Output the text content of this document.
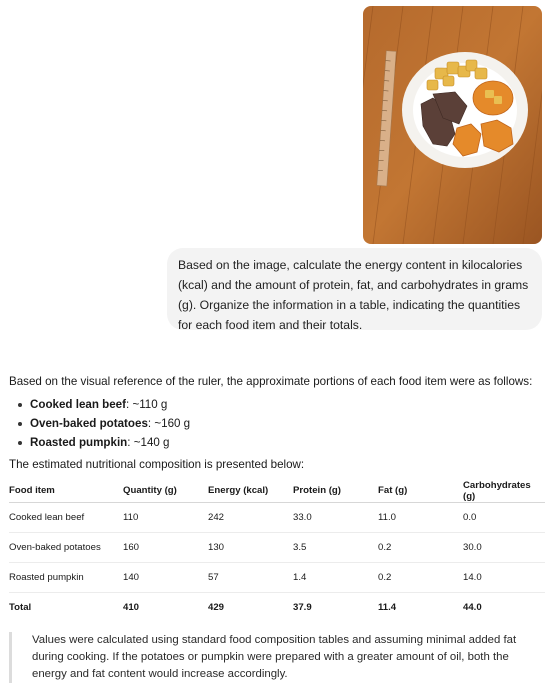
Based on the image, calculate the energy content in kilocalories (kcal) and the amount of protein, fat, and carbohydrates in grams (g). Organize the information in a table, indicating the quantities for each food item and their totals.

Based on the visual reference of the ruler, the approximate portions of each food item were as follows:

Cooked lean beef: ~110 g
Oven-baked potatoes: ~160 g
Roasted pumpkin: ~140 g

The estimated nutritional composition is presented below:

Food item	Quantity (g)	Energy (kcal)	Protein (g)	Fat (g)	Carbohydrates (g)
Cooked lean beef	110	242	33.0	11.0	0.0
Oven-baked potatoes	160	130	3.5	0.2	30.0
Roasted pumpkin	140	57	1.4	0.2	14.0
Total	410	429	37.9	11.4	44.0
Values were calculated using standard food composition tables and assuming minimal added fat during cooking. If the potatoes or pumpkin were prepared with a greater amount of oil, both the energy and fat content would increase accordingly.
